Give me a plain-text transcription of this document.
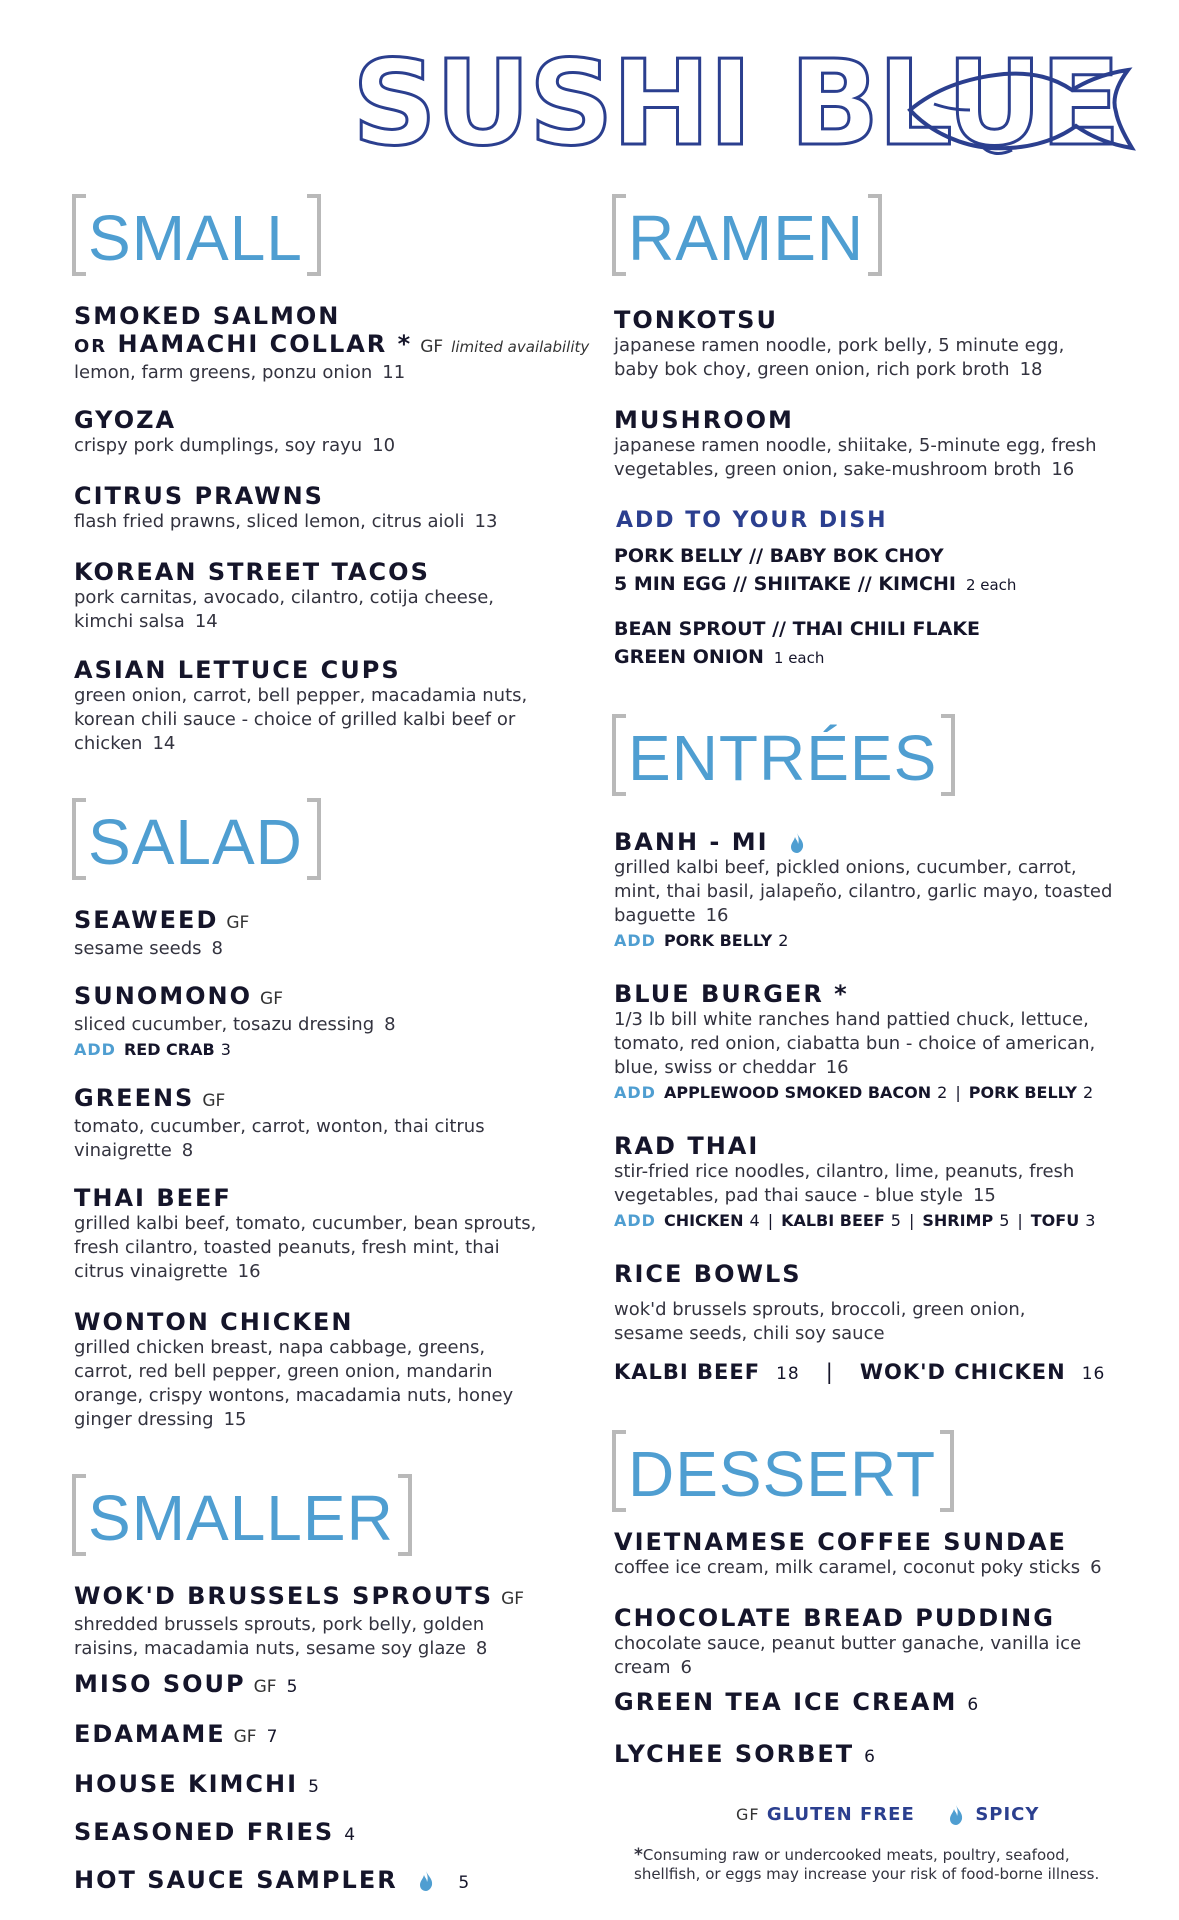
SUSHI BLUE
SMALL
SMOKED SALMON
OR HAMACHI COLLAR * GF limited availability
lemon, farm greens, ponzu onion 11
GYOZA
crispy pork dumplings, soy rayu 10
CITRUS PRAWNS
flash fried prawns, sliced lemon, citrus aioli 13
KOREAN STREET TACOS
pork carnitas, avocado, cilantro, cotija cheese, kimchi salsa 14
ASIAN LETTUCE CUPS
green onion, carrot, bell pepper, macadamia nuts, korean chili sauce - choice of grilled kalbi beef or chicken 14
SALAD
SEAWEED GF
sesame seeds 8
SUNOMONO GF
sliced cucumber, tosazu dressing 8
ADD RED CRAB 3
GREENS GF
tomato, cucumber, carrot, wonton, thai citrus vinaigrette 8
THAI BEEF
grilled kalbi beef, tomato, cucumber, bean sprouts, fresh cilantro, toasted peanuts, fresh mint, thai citrus vinaigrette 16
WONTON CHICKEN
grilled chicken breast, napa cabbage, greens, carrot, red bell pepper, green onion, mandarin orange, crispy wontons, macadamia nuts, honey ginger dressing 15
SMALLER
WOK'D BRUSSELS SPROUTS GF
shredded brussels sprouts, pork belly, golden raisins, macadamia nuts, sesame soy glaze 8
MISO SOUP GF 5
EDAMAME GF 7
HOUSE KIMCHI 5
SEASONED FRIES 4
HOT SAUCE SAMPLER	5
RAMEN
TONKOTSU
japanese ramen noodle, pork belly, 5 minute egg, baby bok choy, green onion, rich pork broth 18
MUSHROOM
japanese ramen noodle, shiitake, 5-minute egg, fresh vegetables, green onion, sake-mushroom broth 16
ADD TO YOUR DISH
PORK BELLY // BABY BOK CHOY
5 MIN EGG // SHIITAKE // KIMCHI 2 each
BEAN SPROUT // THAI CHILI FLAKE
GREEN ONION 1 each
ENTRÉES
BANH - MI
grilled kalbi beef, pickled onions, cucumber, carrot, mint, thai basil, jalapeño, cilantro, garlic mayo, toasted baguette 16
ADD PORK BELLY 2
BLUE BURGER *
1/3 lb bill white ranches hand pattied chuck, lettuce, tomato, red onion, ciabatta bun - choice of american, blue, swiss or cheddar 16
ADD APPLEWOOD SMOKED BACON 2 | PORK BELLY 2
RAD THAI
stir-fried rice noodles, cilantro, lime, peanuts, fresh vegetables, pad thai sauce - blue style 15
ADD CHICKEN 4 | KALBI BEEF 5 | SHRIMP 5 | TOFU 3
RICE BOWLS
wok'd brussels sprouts, broccoli, green onion, sesame seeds, chili soy sauce
KALBI BEEF 18 | WOK'D CHICKEN 16
DESSERT
VIETNAMESE COFFEE SUNDAE
coffee ice cream, milk caramel, coconut poky sticks 6
CHOCOLATE BREAD PUDDING
chocolate sauce, peanut butter ganache, vanilla ice cream 6
GREEN TEA ICE CREAM 6
LYCHEE SORBET 6
GF GLUTEN FREE	SPICY
*Consuming raw or undercooked meats, poultry, seafood,
shellfish, or eggs may increase your risk of food-borne illness.
